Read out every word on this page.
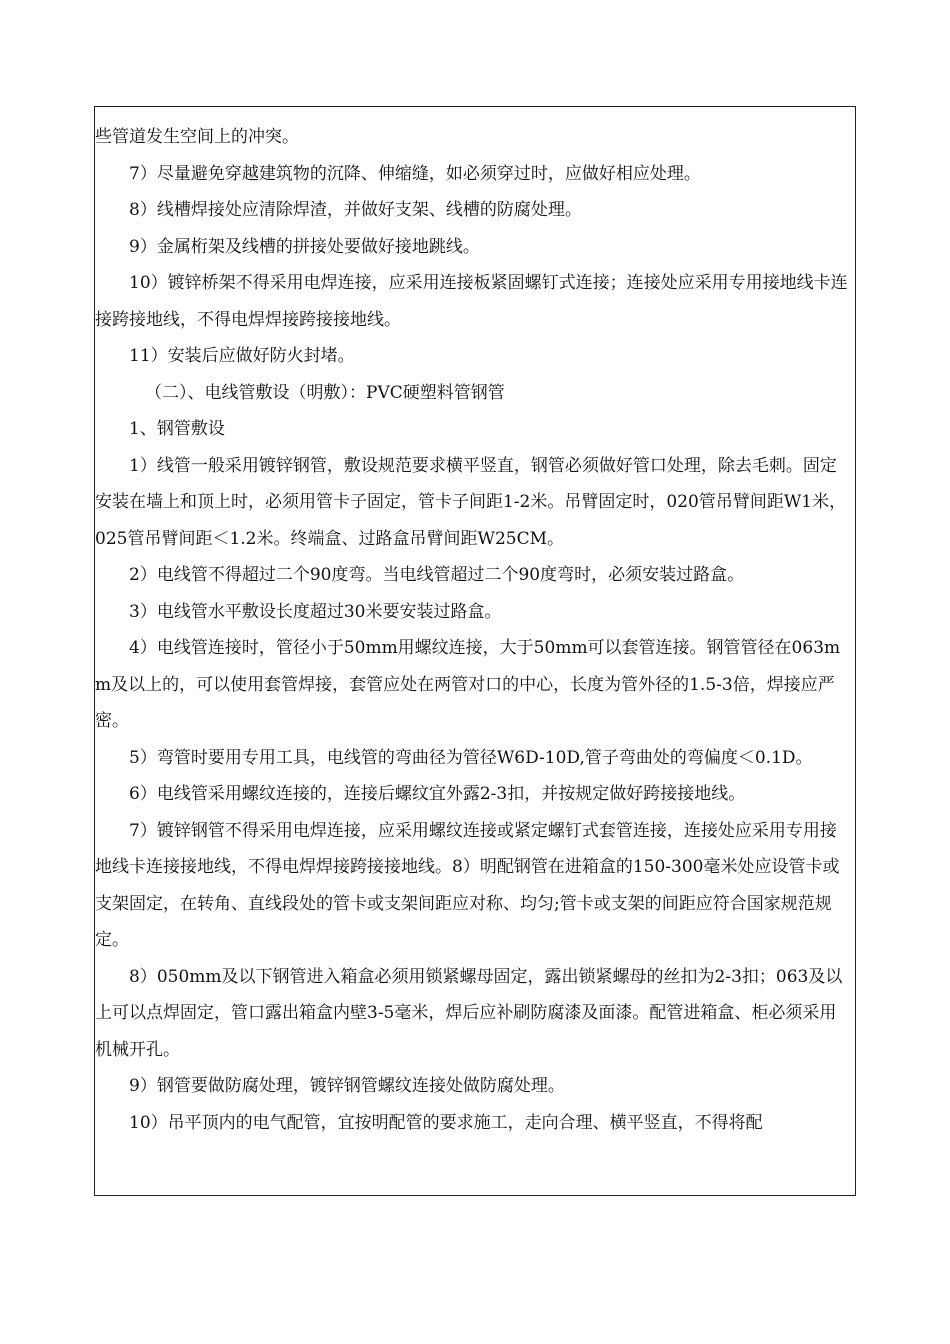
些管道发生空间上的冲突。

7）尽量避免穿越建筑物的沉降、伸缩缝，如必须穿过时，应做好相应处理。

8）线槽焊接处应清除焊渣，并做好支架、线槽的防腐处理。

9）金属桁架及线槽的拼接处要做好接地跳线。

10）镀锌桥架不得采用电焊连接，应采用连接板紧固螺钉式连接；连接处应采用专用接地线卡连接跨接地线，不得电焊焊接跨接接地线。

11）安装后应做好防火封堵。

（二）、电线管敷设（明敷）：PVC硬塑料管钢管

1、钢管敷设

1）线管一般采用镀锌钢管，敷设规范要求横平竖直，钢管必须做好管口处理，除去毛刺。固定安装在墙上和顶上时，必须用管卡子固定，管卡子间距1-2米。吊臂固定时，020管吊臂间距W1米，025管吊臂间距＜1.2米。终端盒、过路盒吊臂间距W25CM。

2）电线管不得超过二个90度弯。当电线管超过二个90度弯时，必须安装过路盒。

3）电线管水平敷设长度超过30米要安装过路盒。

4）电线管连接时，管径小于50mm用螺纹连接，大于50mm可以套管连接。钢管管径在063mm及以上的，可以使用套管焊接，套管应处在两管对口的中心，长度为管外径的1.5-3倍，焊接应严密。

5）弯管时要用专用工具，电线管的弯曲径为管径W6D-10D,管子弯曲处的弯偏度＜0.1D。

6）电线管采用螺纹连接的，连接后螺纹宜外露2-3扣，并按规定做好跨接接地线。

7）镀锌钢管不得采用电焊连接，应采用螺纹连接或紧定螺钉式套管连接，连接处应采用专用接地线卡连接接地线，不得电焊焊接跨接接地线。8）明配钢管在进箱盒的150-300毫米处应设管卡或支架固定，在转角、直线段处的管卡或支架间距应对称、均匀;管卡或支架的间距应符合国家规范规定。

8）050mm及以下钢管进入箱盒必须用锁紧螺母固定，露出锁紧螺母的丝扣为2-3扣；063及以上可以点焊固定，管口露出箱盒内壁3-5毫米，焊后应补刷防腐漆及面漆。配管进箱盒、柜必须采用机械开孔。

9）钢管要做防腐处理，镀锌钢管螺纹连接处做防腐处理。

10）吊平顶内的电气配管，宜按明配管的要求施工，走向合理、横平竖直，不得将配
